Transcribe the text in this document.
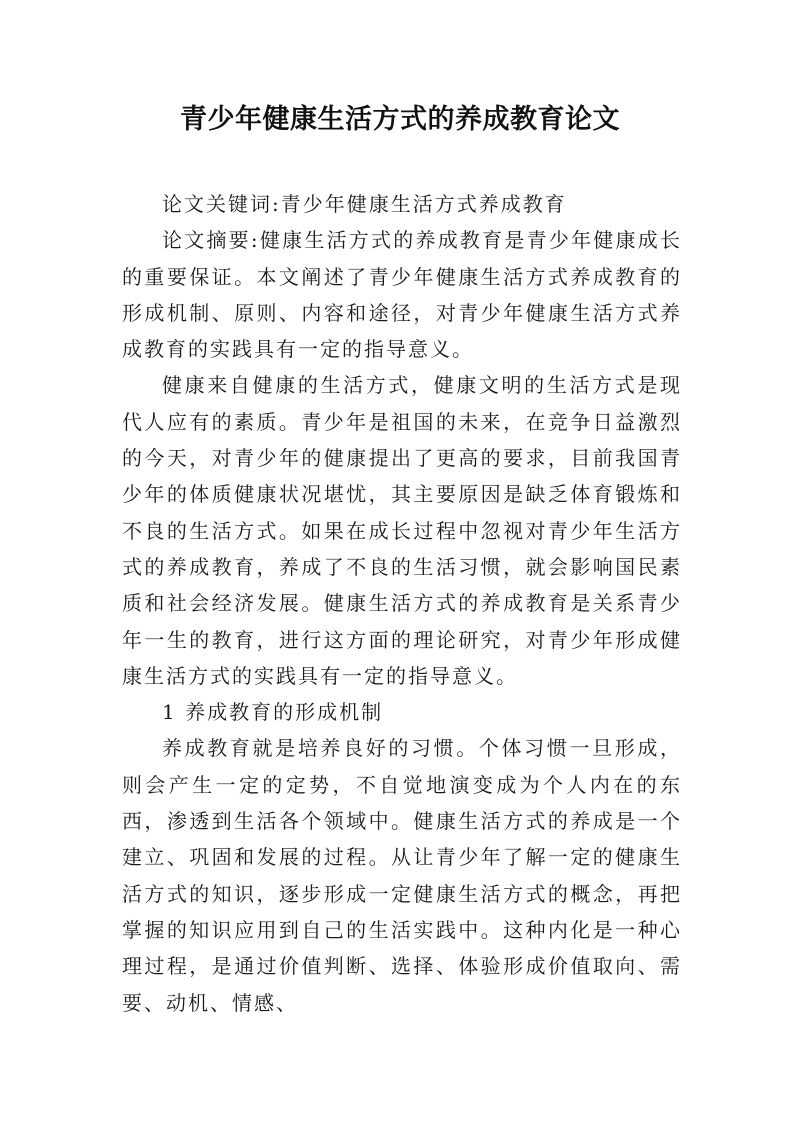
青少年健康生活方式的养成教育论文

论文关键词:青少年健康生活方式养成教育

论文摘要:健康生活方式的养成教育是青少年健康成长的重要保证。本文阐述了青少年健康生活方式养成教育的形成机制、原则、内容和途径，对青少年健康生活方式养成教育的实践具有一定的指导意义。

健康来自健康的生活方式，健康文明的生活方式是现代人应有的素质。青少年是祖国的未来，在竞争日益激烈的今天，对青少年的健康提出了更高的要求，目前我国青少年的体质健康状况堪忧，其主要原因是缺乏体育锻炼和不良的生活方式。如果在成长过程中忽视对青少年生活方式的养成教育，养成了不良的生活习惯，就会影响国民素质和社会经济发展。健康生活方式的养成教育是关系青少年一生的教育，进行这方面的理论研究，对青少年形成健康生活方式的实践具有一定的指导意义。

1 养成教育的形成机制

养成教育就是培养良好的习惯。个体习惯一旦形成，则会产生一定的定势，不自觉地演变成为个人内在的东西，渗透到生活各个领域中。健康生活方式的养成是一个建立、巩固和发展的过程。从让青少年了解一定的健康生活方式的知识，逐步形成一定健康生活方式的概念，再把掌握的知识应用到自己的生活实践中。这种内化是一种心理过程，是通过价值判断、选择、体验形成价值取向、需要、动机、情感、
